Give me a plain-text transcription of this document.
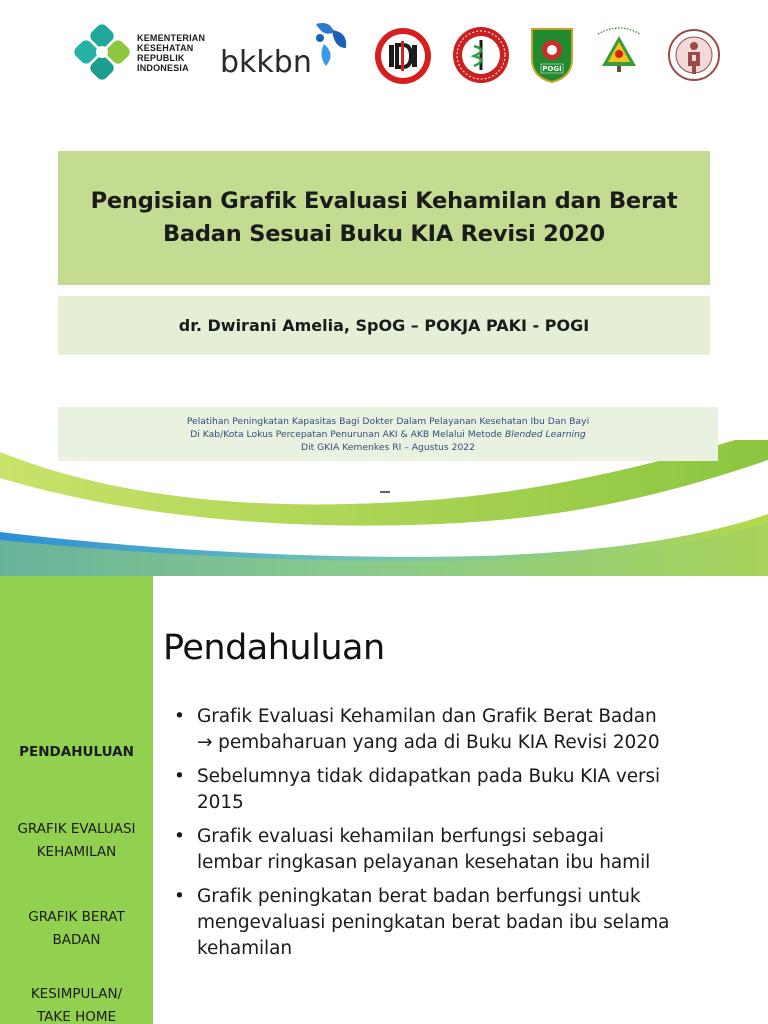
KEMENTERIAN
KESEHATAN
REPUBLIK
INDONESIA	bkkbn	POGI
Pengisian Grafik Evaluasi Kehamilan dan Berat
Badan Sesuai Buku KIA Revisi 2020
dr. Dwirani Amelia, SpOG – POKJA PAKI - POGI
Pelatihan Peningkatan Kapasitas Bagi Dokter Dalam Pelayanan Kesehatan Ibu Dan Bayi
Di Kab/Kota Lokus Percepatan Penurunan AKI & AKB Melalui Metode Blended Learning
Dit GKIA Kemenkes RI – Agustus 2022
PENDAHULUAN
GRAFIK EVALUASI
KEHAMILAN
GRAFIK BERAT
BADAN
KESIMPULAN/
TAKE HOME
Pendahuluan
• Grafik Evaluasi Kehamilan dan Grafik Berat Badan
→ pembaharuan yang ada di Buku KIA Revisi 2020
• Sebelumnya tidak didapatkan pada Buku KIA versi
2015
• Grafik evaluasi kehamilan berfungsi sebagai
lembar ringkasan pelayanan kesehatan ibu hamil
• Grafik peningkatan berat badan berfungsi untuk
mengevaluasi peningkatan berat badan ibu selama
kehamilan
